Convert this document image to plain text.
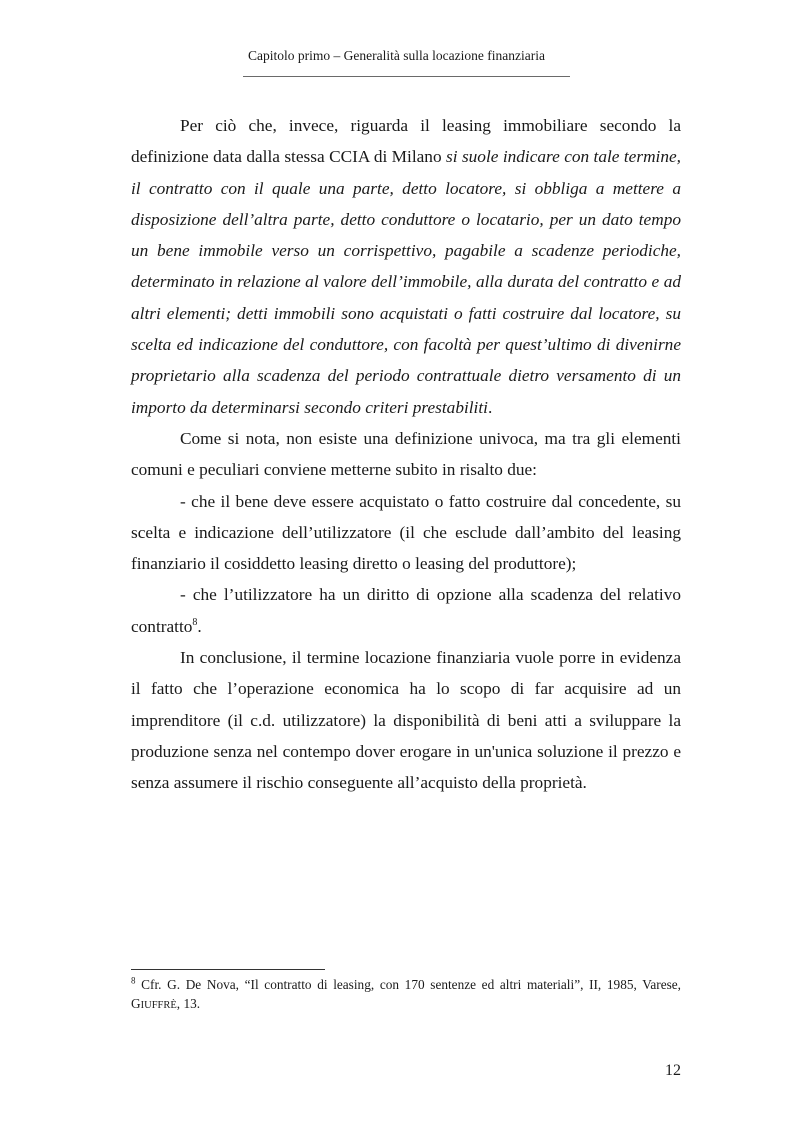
Capitolo primo – Generalità sulla locazione finanziaria

Per ciò che, invece, riguarda il leasing immobiliare secondo la definizione data dalla stessa CCIA di Milano si suole indicare con tale termine, il contratto con il quale una parte, detto locatore, si obbliga a mettere a disposizione dell’altra parte, detto conduttore o locatario, per un dato tempo un bene immobile verso un corrispettivo, pagabile a scadenze periodiche, determinato in relazione al valore dell’immobile, alla durata del contratto e ad altri elementi; detti immobili sono acquistati o fatti costruire dal locatore, su scelta ed indicazione del conduttore, con facoltà per quest’ultimo di divenirne proprietario alla scadenza del periodo contrattuale dietro versamento di un importo da determinarsi secondo criteri prestabiliti.

Come si nota, non esiste una definizione univoca, ma tra gli elementi comuni e peculiari conviene metterne subito in risalto due:

- che il bene deve essere acquistato o fatto costruire dal concedente, su scelta e indicazione dell’utilizzatore (il che esclude dall’ambito del leasing finanziario il cosiddetto leasing diretto o leasing del produttore);

- che l’utilizzatore ha un diritto di opzione alla scadenza del relativo contratto$^8$.

In conclusione, il termine locazione finanziaria vuole porre in evidenza il fatto che l’operazione economica ha lo scopo di far acquisire ad un imprenditore (il c.d. utilizzatore) la disponibilità di beni atti a sviluppare la produzione senza nel contempo dover erogare in un'unica soluzione il prezzo e senza assumere il rischio conseguente all’acquisto della proprietà.

$^8$ Cfr. G. De Nova, “Il contratto di leasing, con 170 sentenze ed altri materiali”, II, 1985, Varese, GIUFFRÈ, 13.
12
